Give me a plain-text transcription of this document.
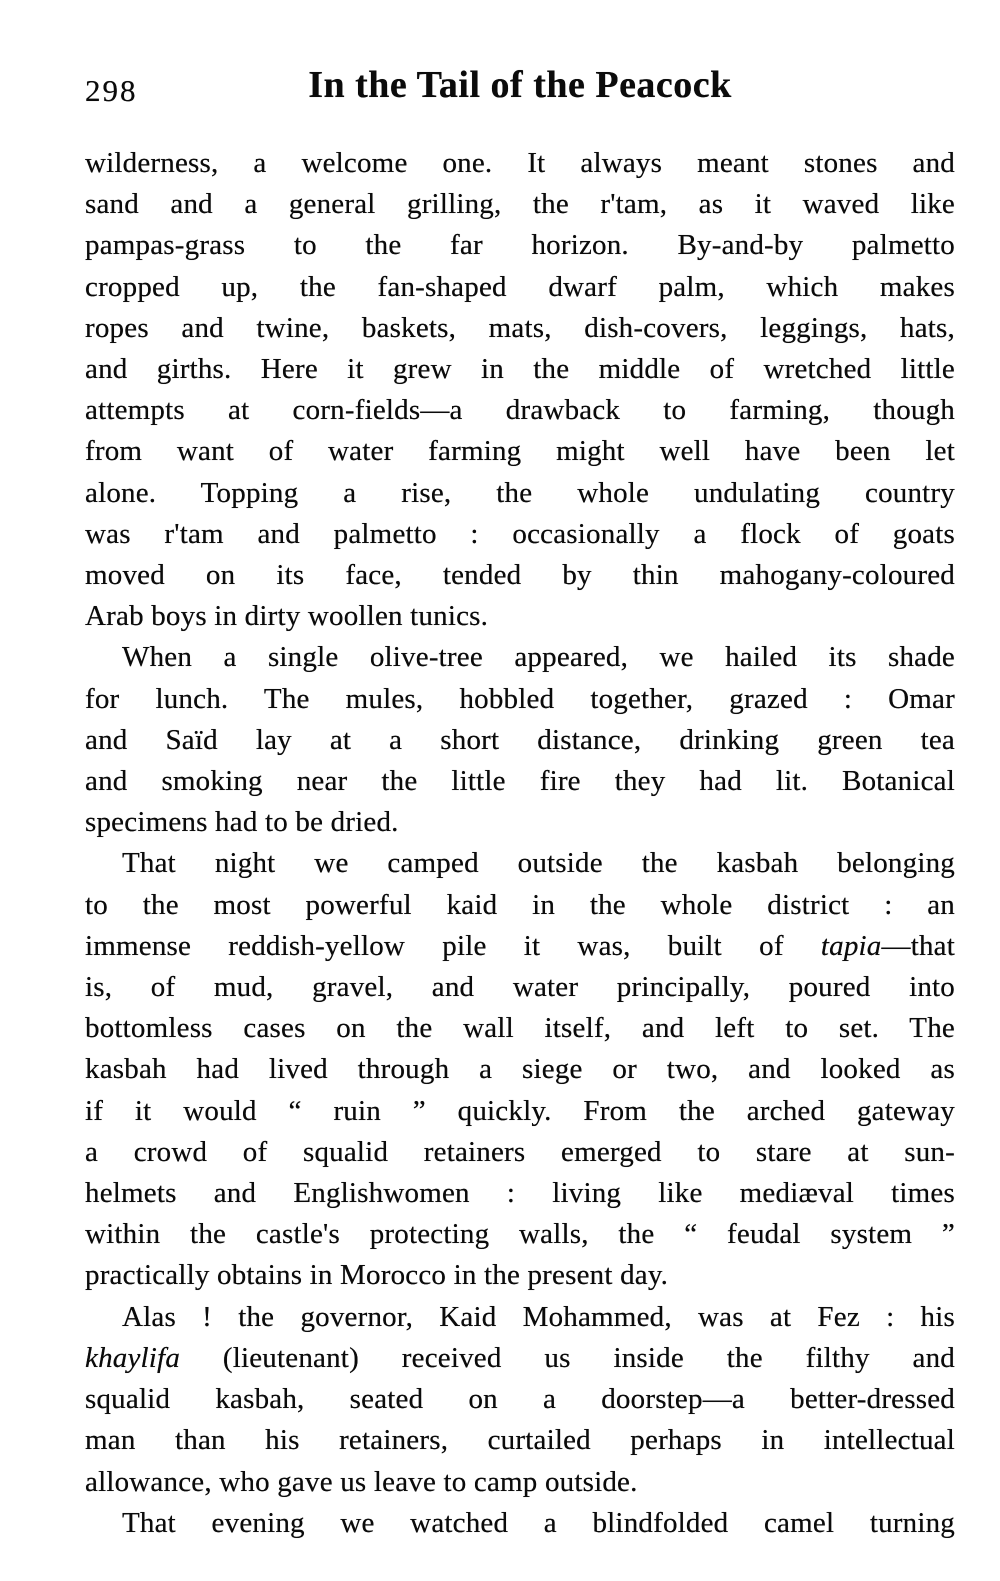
298	In the Tail of the Peacock
wilderness, a welcome one. It always meant stones and
sand and a general grilling, the r'tam, as it waved like
pampas-grass to the far horizon. By-and-by palmetto
cropped up, the fan-shaped dwarf palm, which makes
ropes and twine, baskets, mats, dish-covers, leggings, hats,
and girths. Here it grew in the middle of wretched little
attempts at corn-fields—a drawback to farming, though
from want of water farming might well have been let
alone. Topping a rise, the whole undulating country
was r'tam and palmetto : occasionally a flock of goats
moved on its face, tended by thin mahogany-coloured
Arab boys in dirty woollen tunics.
When a single olive-tree appeared, we hailed its shade
for lunch. The mules, hobbled together, grazed : Omar
and Saïd lay at a short distance, drinking green tea
and smoking near the little fire they had lit. Botanical
specimens had to be dried.
That night we camped outside the kasbah belonging
to the most powerful kaid in the whole district : an
immense reddish-yellow pile it was, built of tapia—that
is, of mud, gravel, and water principally, poured into
bottomless cases on the wall itself, and left to set. The
kasbah had lived through a siege or two, and looked as
if it would “ ruin ” quickly. From the arched gateway
a crowd of squalid retainers emerged to stare at sun-
helmets and Englishwomen : living like mediæval times
within the castle's protecting walls, the “ feudal system ”
practically obtains in Morocco in the present day.
Alas ! the governor, Kaid Mohammed, was at Fez : his
khaylifa (lieutenant) received us inside the filthy and
squalid kasbah, seated on a doorstep—a better-dressed
man than his retainers, curtailed perhaps in intellectual
allowance, who gave us leave to camp outside.
That evening we watched a blindfolded camel turning
